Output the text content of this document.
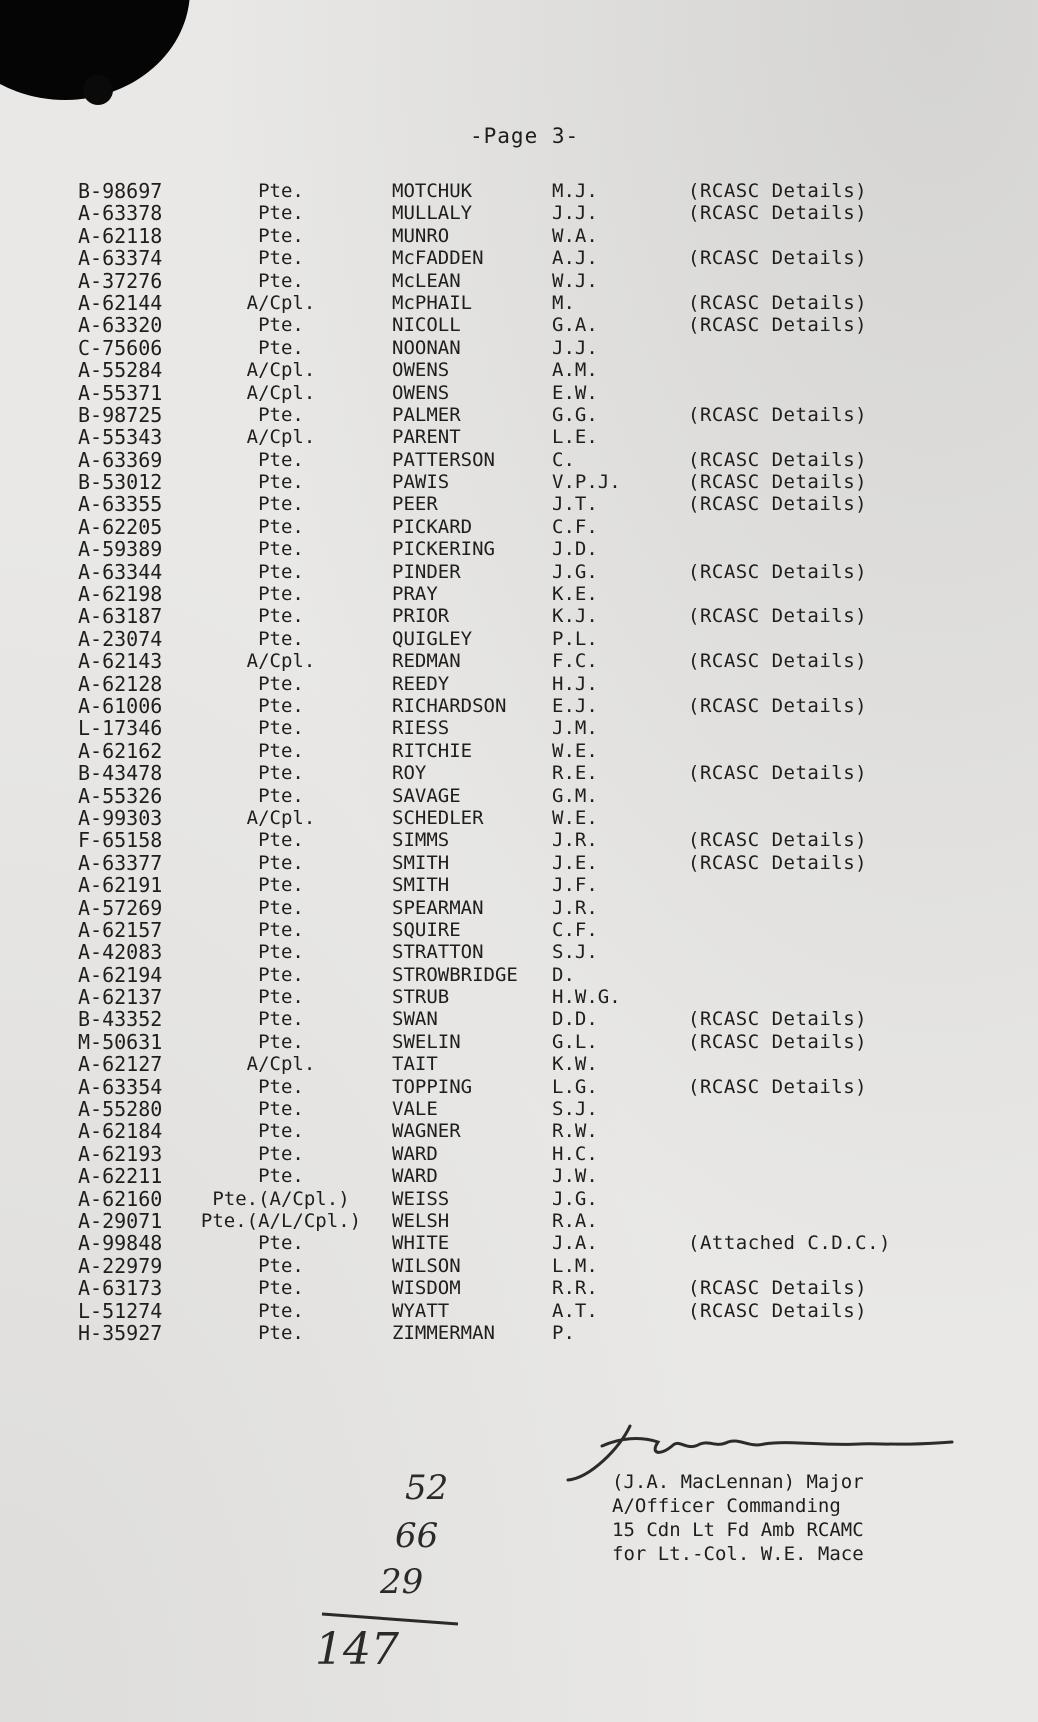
-Page 3-
B-98697	Pte.	MOTCHUK	M.J.	(RCASC Details)
A-63378	Pte.	MULLALY	J.J.	(RCASC Details)
A-62118	Pte.	MUNRO	W.A.
A-63374	Pte.	McFADDEN	A.J.	(RCASC Details)
A-37276	Pte.	McLEAN	W.J.
A-62144	A/Cpl.	McPHAIL	M.	(RCASC Details)
A-63320	Pte.	NICOLL	G.A.	(RCASC Details)
C-75606	Pte.	NOONAN	J.J.
A-55284	A/Cpl.	OWENS	A.M.
A-55371	A/Cpl.	OWENS	E.W.
B-98725	Pte.	PALMER	G.G.	(RCASC Details)
A-55343	A/Cpl.	PARENT	L.E.
A-63369	Pte.	PATTERSON	C.	(RCASC Details)
B-53012	Pte.	PAWIS	V.P.J.	(RCASC Details)
A-63355	Pte.	PEER	J.T.	(RCASC Details)
A-62205	Pte.	PICKARD	C.F.
A-59389	Pte.	PICKERING	J.D.
A-63344	Pte.	PINDER	J.G.	(RCASC Details)
A-62198	Pte.	PRAY	K.E.
A-63187	Pte.	PRIOR	K.J.	(RCASC Details)
A-23074	Pte.	QUIGLEY	P.L.
A-62143	A/Cpl.	REDMAN	F.C.	(RCASC Details)
A-62128	Pte.	REEDY	H.J.
A-61006	Pte.	RICHARDSON E.J.	(RCASC Details)
L-17346	Pte.	RIESS	J.M.
A-62162	Pte.	RITCHIE	W.E.
B-43478	Pte.	ROY	R.E.	(RCASC Details)
A-55326	Pte.	SAVAGE	G.M.
A-99303	A/Cpl.	SCHEDLER	W.E.
F-65158	Pte.	SIMMS	J.R.	(RCASC Details)
A-63377	Pte.	SMITH	J.E.	(RCASC Details)
A-62191	Pte.	SMITH	J.F.
A-57269	Pte.	SPEARMAN	J.R.
A-62157	Pte.	SQUIRE	C.F.
A-42083	Pte.	STRATTON	S.J.
A-62194	Pte.	STROWBRIDGE D.
A-62137	Pte.	STRUB	H.W.G.
B-43352	Pte.	SWAN	D.D.	(RCASC Details)
M-50631	Pte.	SWELIN	G.L.	(RCASC Details)
A-62127	A/Cpl.	TAIT	K.W.
A-63354	Pte.	TOPPING	L.G.	(RCASC Details)
A-55280	Pte.	VALE	S.J.
A-62184	Pte.	WAGNER	R.W.
A-62193	Pte.	WARD	H.C.
A-62211	Pte.	WARD	J.W.
A-62160	Pte.(A/Cpl.)	WEISS	J.G.
A-29071	Pte.(A/L/Cpl.)	WELSH	R.A.
A-99848	Pte.	WHITE	J.A.	(Attached C.D.C.)
A-22979	Pte.	WILSON	L.M.
A-63173	Pte.	WISDOM	R.R.	(RCASC Details)
L-51274	Pte.	WYATT	A.T.	(RCASC Details)
H-35927	Pte.	ZIMMERMAN	P.
(J.A. MacLennan) Major
A/Officer Commanding
15 Cdn Lt Fd Amb RCAMC
for Lt.-Col. W.E. Mace
52
66
29
147
